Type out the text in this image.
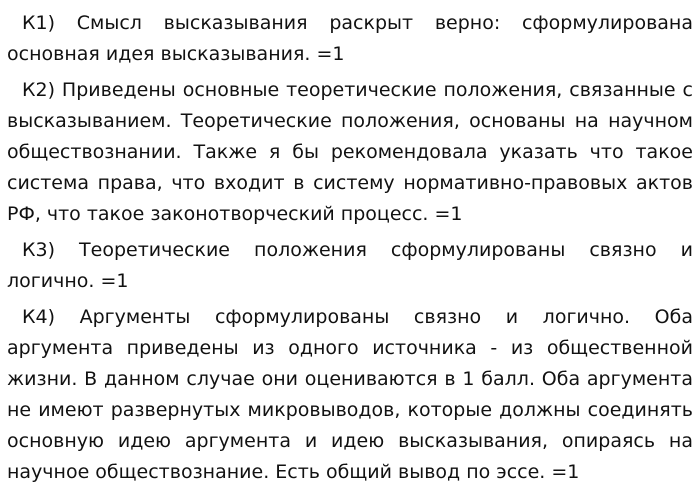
К1) Смысл высказывания раскрыт верно: сформулирована основная идея высказывания. =1

К2) Приведены основные теоретические положения, связанные с высказыванием. Теоретические положения, основаны на научном обществознании. Также я бы рекомендовала указать что такое система права, что входит в систему нормативно-правовых актов РФ, что такое законотворческий процесс. =1

К3) Теоретические положения сформулированы связно и логично. =1

К4) Аргументы сформулированы связно и логично. Оба аргумента приведены из одного источника - из общественной жизни. В данном случае они оцениваются в 1 балл. Оба аргумента не имеют развернутых микровыводов, которые должны соединять основную идею аргумента и идею высказывания, опираясь на научное обществознание. Есть общий вывод по эссе. =1
